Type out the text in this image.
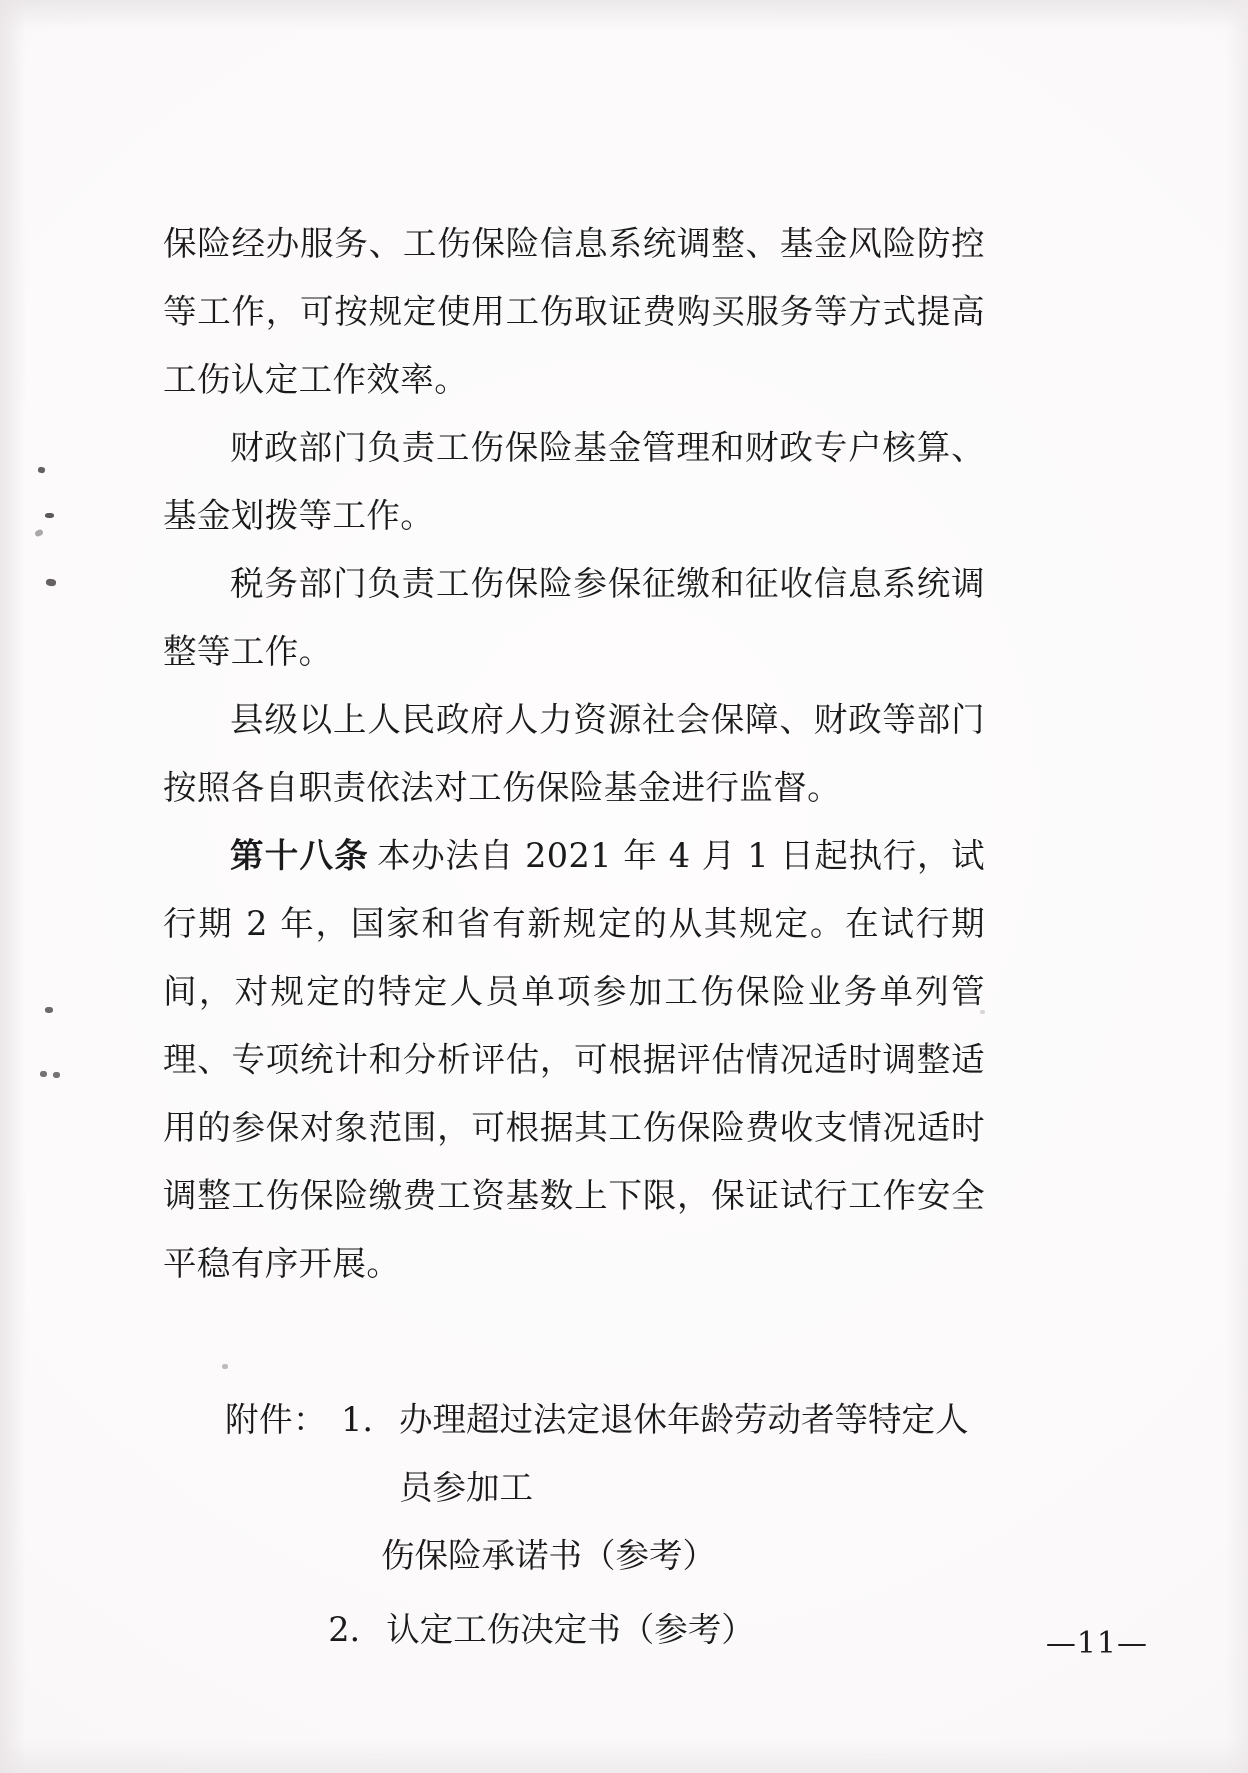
保险经办服务、工伤保险信息系统调整、基金风险防控等工作，可按规定使用工伤取证费购买服务等方式提高工伤认定工作效率。

财政部门负责工伤保险基金管理和财政专户核算、基金划拨等工作。

税务部门负责工伤保险参保征缴和征收信息系统调整等工作。

县级以上人民政府人力资源社会保障、财政等部门按照各自职责依法对工伤保险基金进行监督。

第十八条 本办法自 2021 年 4 月 1 日起执行，试行期 2 年，国家和省有新规定的从其规定。在试行期间，对规定的特定人员单项参加工伤保险业务单列管理、专项统计和分析评估，可根据评估情况适时调整适用的参保对象范围，可根据其工伤保险费收支情况适时调整工伤保险缴费工资基数上下限，保证试行工作安全平稳有序开展。

附件： 1. 办理超过法定退休年龄劳动者等特定人员参加工
伤保险承诺书（参考）

2. 认定工伤决定书（参考）	—11—
